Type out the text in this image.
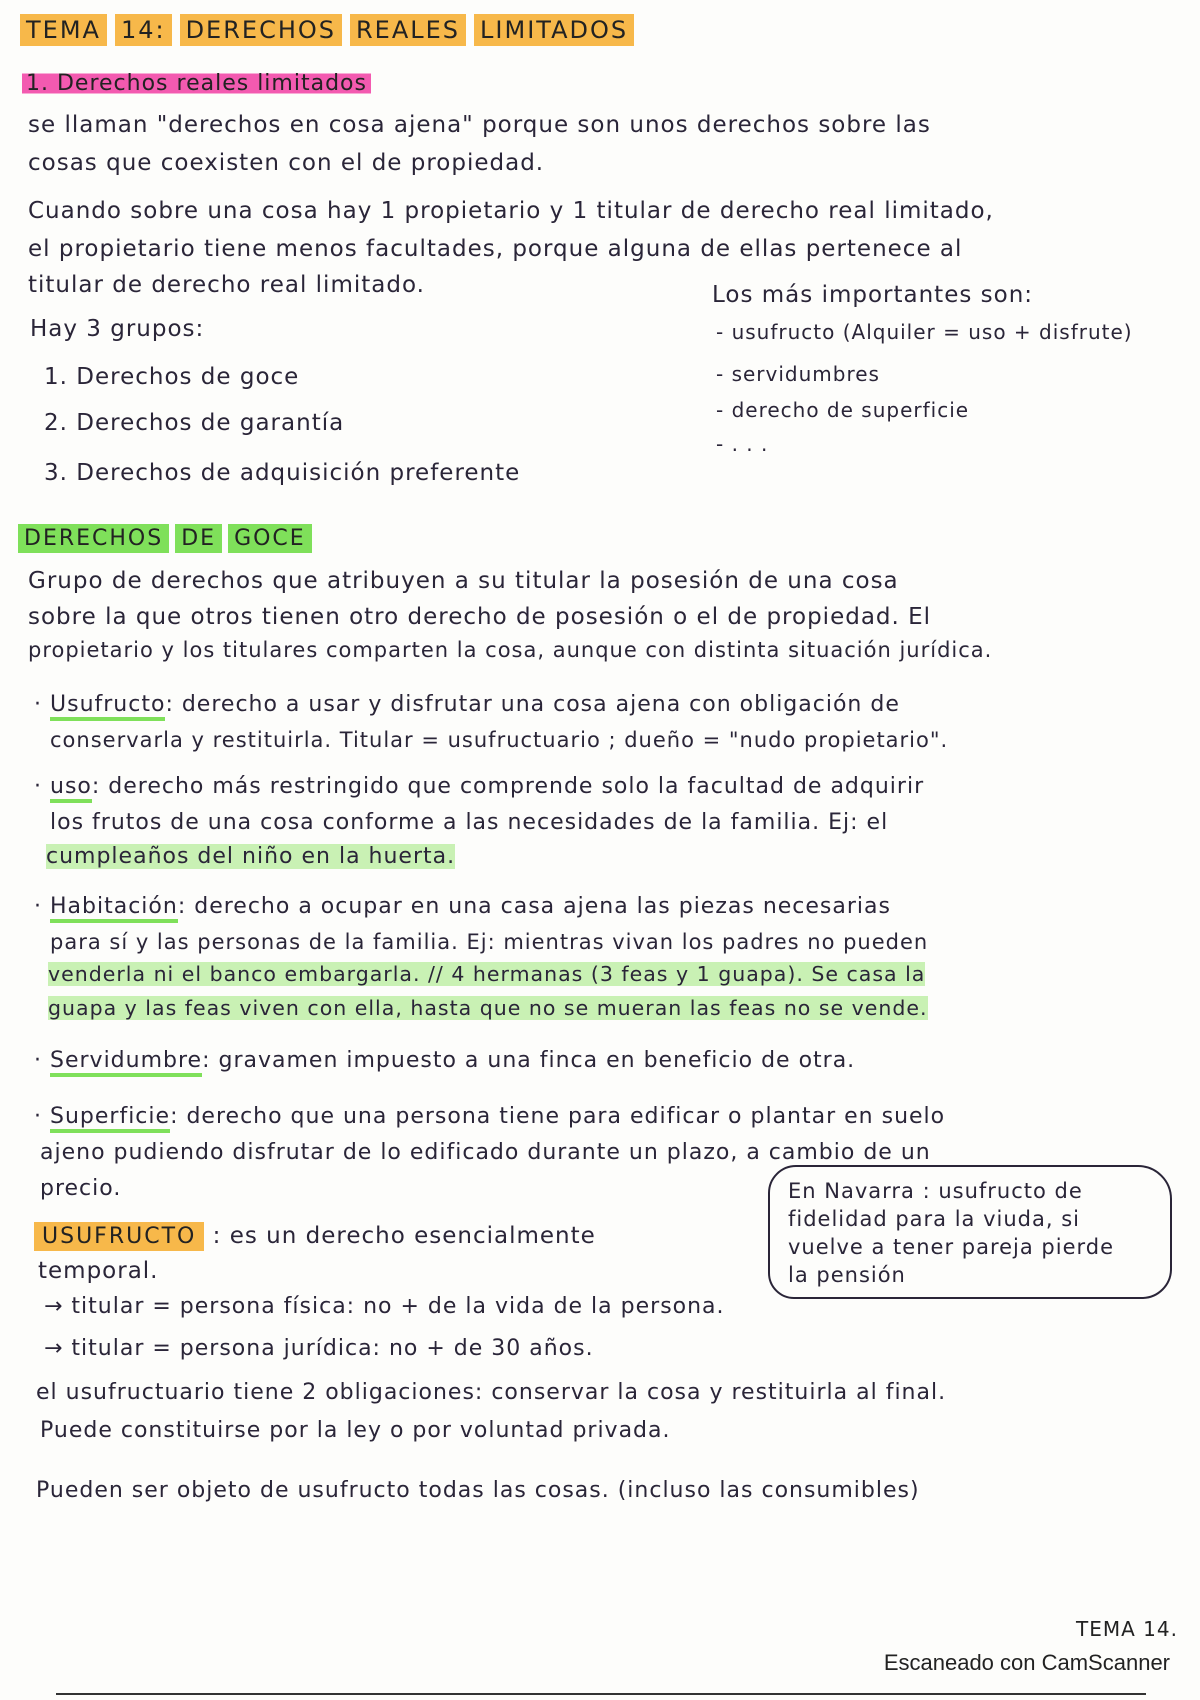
TEMA 14: DERECHOS REALES LIMITADOS
1. Derechos reales limitados
se llaman "derechos en cosa ajena" porque son unos derechos sobre las
cosas que coexisten con el de propiedad.
Cuando sobre una cosa hay 1 propietario y 1 titular de derecho real limitado,
el propietario tiene menos facultades, porque alguna de ellas pertenece al
titular de derecho real limitado.
Hay 3 grupos:
1. Derechos de goce
2. Derechos de garantía
3. Derechos de adquisición preferente
Los más importantes son:
- usufructo (Alquiler = uso + disfrute)
- servidumbres
- derecho de superficie
- . . .
DERECHOS DE GOCE
Grupo de derechos que atribuyen a su titular la posesión de una cosa
sobre la que otros tienen otro derecho de posesión o el de propiedad. El
propietario y los titulares comparten la cosa, aunque con distinta situación jurídica.
· Usufructo: derecho a usar y disfrutar una cosa ajena con obligación de
conservarla y restituirla. Titular = usufructuario ; dueño = "nudo propietario".
· uso: derecho más restringido que comprende solo la facultad de adquirir
los frutos de una cosa conforme a las necesidades de la familia. Ej: el
cumpleaños del niño en la huerta.
· Habitación: derecho a ocupar en una casa ajena las piezas necesarias
para sí y las personas de la familia. Ej: mientras vivan los padres no pueden
venderla ni el banco embargarla. // 4 hermanas (3 feas y 1 guapa). Se casa la
guapa y las feas viven con ella, hasta que no se mueran las feas no se vende.
· Servidumbre: gravamen impuesto a una finca en beneficio de otra.
· Superficie: derecho que una persona tiene para edificar o plantar en suelo
ajeno pudiendo disfrutar de lo edificado durante un plazo, a cambio de un
precio.	En Navarra : usufructo de
fidelidad para la viuda, si
vuelve a tener pareja pierde
la pensión
USUFRUCTO : es un derecho esencialmente
temporal.
→ titular = persona física: no + de la vida de la persona.
→ titular = persona jurídica: no + de 30 años.
el usufructuario tiene 2 obligaciones: conservar la cosa y restituirla al final.
Puede constituirse por la ley o por voluntad privada.
Pueden ser objeto de usufructo todas las cosas. (incluso las consumibles)
TEMA 14.
Escaneado con CamScanner
